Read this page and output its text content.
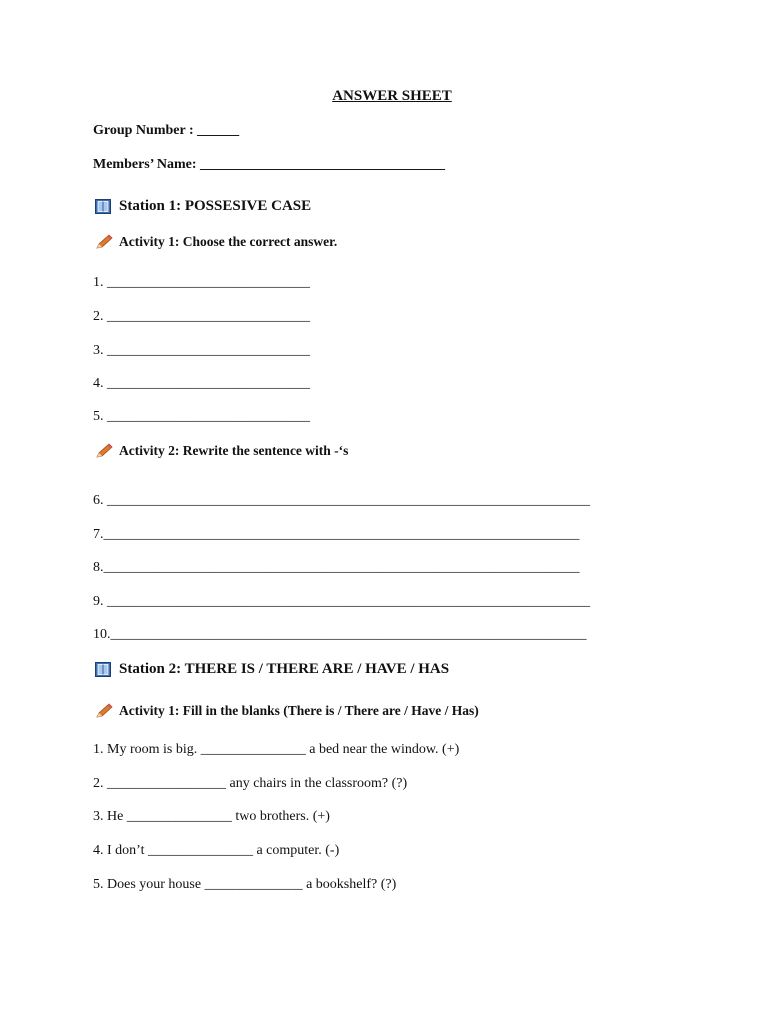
ANSWER SHEET
Group Number : ______
Members’ Name: ___________________________________
Station 1: POSSESIVE CASE
Activity 1: Choose the correct answer.
1. _____________________________
2. _____________________________
3. _____________________________
4. _____________________________
5. _____________________________
Activity 2: Rewrite the sentence with -‘s
6. _____________________________________________________________________
7.____________________________________________________________________
8.____________________________________________________________________
9. _____________________________________________________________________
10.____________________________________________________________________
Station 2: THERE IS / THERE ARE / HAVE / HAS
Activity 1: Fill in the blanks (There is / There are / Have / Has)
1. My room is big. _______________ a bed near the window. (+)
2. _________________ any chairs in the classroom? (?)
3. He _______________ two brothers. (+)
4. I don’t _______________ a computer. (-)
5. Does your house ______________ a bookshelf? (?)
